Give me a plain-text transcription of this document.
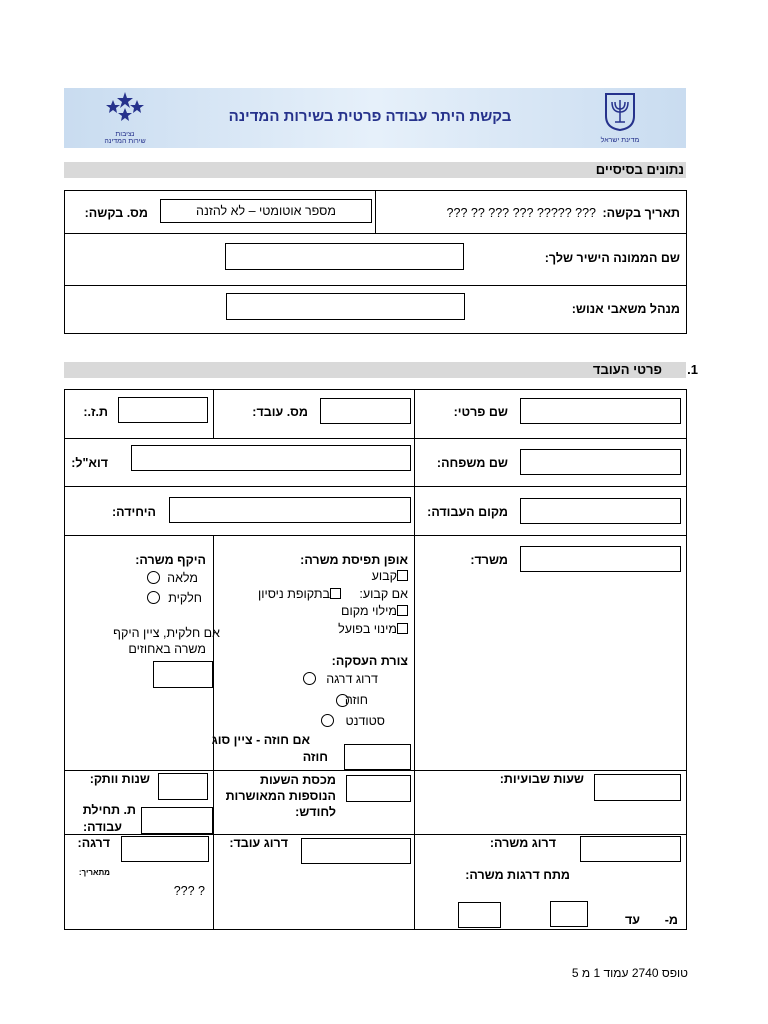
בקשת היתר עבודה פרטית בשירות המדינה
נציבות
שירות המדינה	מדינת ישראל
נתונים בסיסיים
תאריך בקשה:
??? ????? ??? ??? ?? ???
מס. בקשה:	מספר אוטומטי – לא להזנה
שם הממונה הישיר שלך:
מנהל משאבי אנוש:
1.
פרטי העובד
שם פרטי:
מס. עובד:
ת.ז.:
שם משפחה:
דוא"ל:
מקום העבודה:
היחידה:
משרד:
אופן תפיסת משרה:
קבוע
אם קבוע:
בתקופת ניסיון
מילוי מקום
מינוי בפועל
צורת העסקה:
דרוג דרגה
חוזה
סטודנט
אם חוזה - ציין סוג
חוזה
היקף משרה:
מלאה
חלקית
אם חלקית, ציין היקף
משרה באחוזים
שעות שבועיות:
מכסת השעות
הנוספות המאושרות
לחודש:
שנות וותק:
ת. תחילת
עבודה:
דרוג משרה:
מתח דרגות משרה:
מ-
עד
דרוג עובד:
דרגה:
מתאריך:
? ???
טופס 2740 עמוד 1 מ 5
